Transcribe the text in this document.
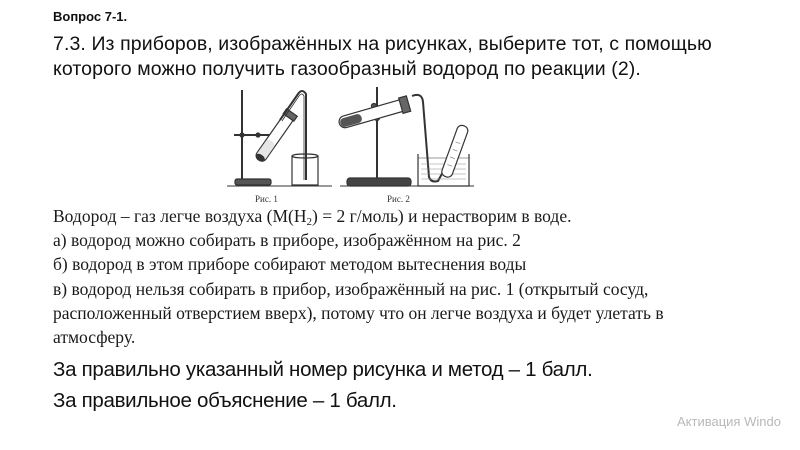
Вопрос 7-1.
7.3. Из приборов, изображённых на рисунках, выберите тот, с помощью
которого можно получить газообразный водород по реакции (2).
Рис. 1	Рис. 2
Водород – газ легче воздуха ($М(Н_2) = 2$ г/моль) и нерастворим в воде.
а) водород можно собирать в приборе, изображённом на рис. 2
б) водород в этом приборе собирают методом вытеснения воды
в) водород нельзя собирать в прибор, изображённый на рис. 1 (открытый сосуд,
расположенный отверстием вверх), потому что он легче воздуха и будет улетать в
атмосферу.
За правильно указанный номер рисунка и метод – 1 балл.
За правильное объяснение – 1 балл.
Активация Windo
